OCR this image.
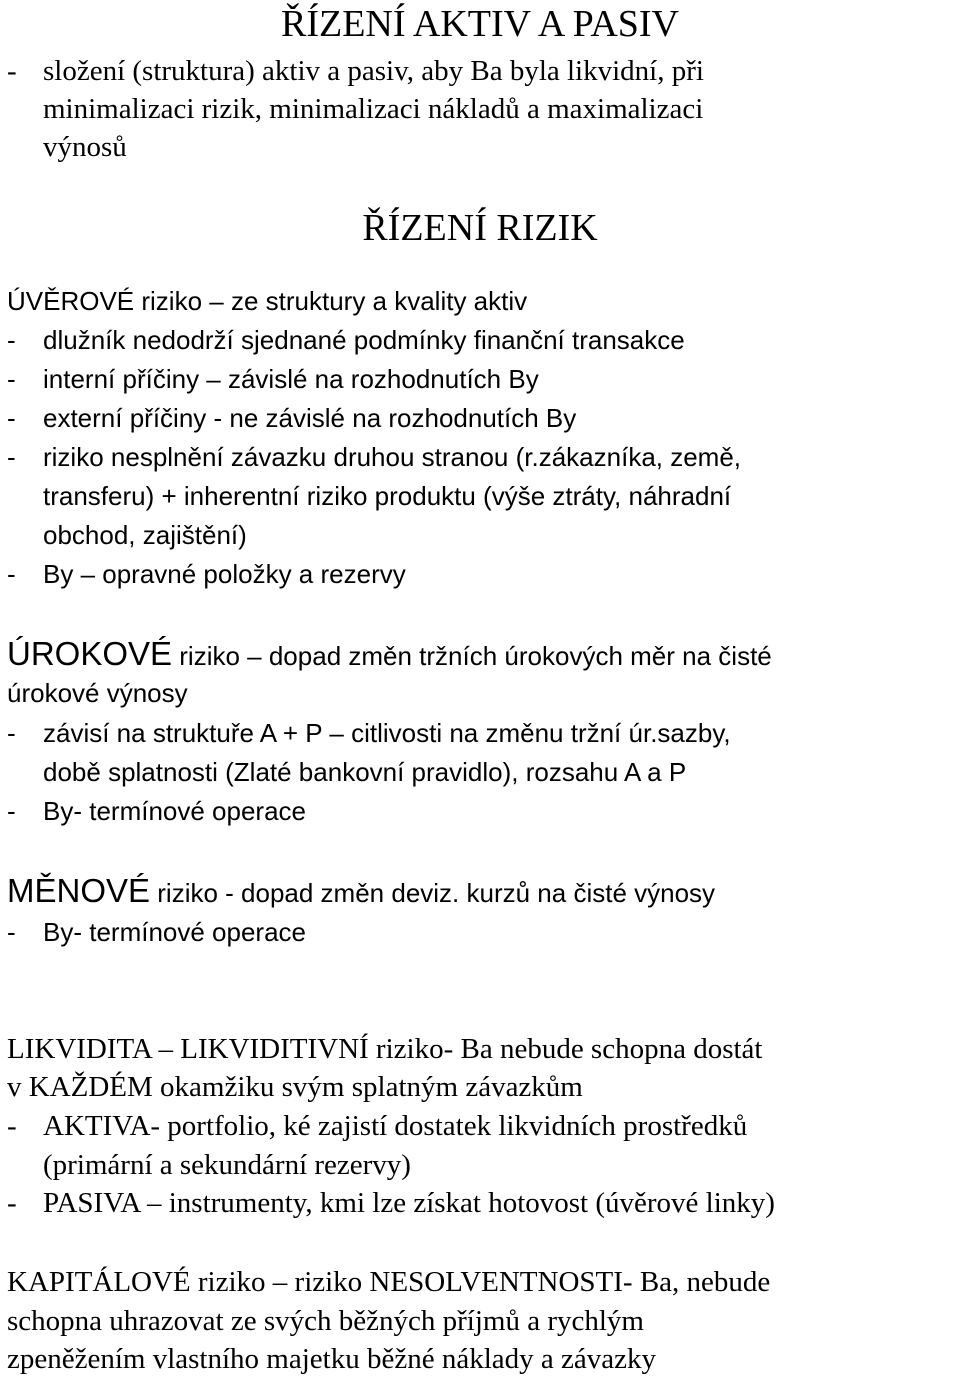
ŘÍZENÍ AKTIV A PASIV
- složení (struktura) aktiv a pasiv, aby Ba byla likvidní, při
minimalizaci rizik, minimalizaci nákladů a maximalizaci
výnosů
ŘÍZENÍ RIZIK
ÚVĚROVÉ riziko – ze struktury a kvality aktiv
- dlužník nedodrží sjednané podmínky finanční transakce
- interní příčiny – závislé na rozhodnutích By
- externí příčiny - ne závislé na rozhodnutích By
- riziko nesplnění závazku druhou stranou (r.zákazníka, země,
transferu) + inherentní riziko produktu (výše ztráty, náhradní
obchod, zajištění)
- By – opravné položky a rezervy
ÚROKOVÉ riziko – dopad změn tržních úrokových měr na čisté
úrokové výnosy
- závisí na struktuře A + P – citlivosti na změnu tržní úr.sazby,
době splatnosti (Zlaté bankovní pravidlo), rozsahu A a P
- By- termínové operace
MĚNOVÉ riziko - dopad změn deviz. kurzů na čisté výnosy
- By- termínové operace
LIKVIDITA – LIKVIDITIVNÍ riziko- Ba nebude schopna dostát
v KAŽDÉM okamžiku svým splatným závazkům
- AKTIVA- portfolio, ké zajistí dostatek likvidních prostředků
(primární a sekundární rezervy)
- PASIVA – instrumenty, kmi lze získat hotovost (úvěrové linky)
KAPITÁLOVÉ riziko – riziko NESOLVENTNOSTI- Ba, nebude
schopna uhrazovat ze svých běžných příjmů a rychlým
zpeněžením vlastního majetku běžné náklady a závazky
